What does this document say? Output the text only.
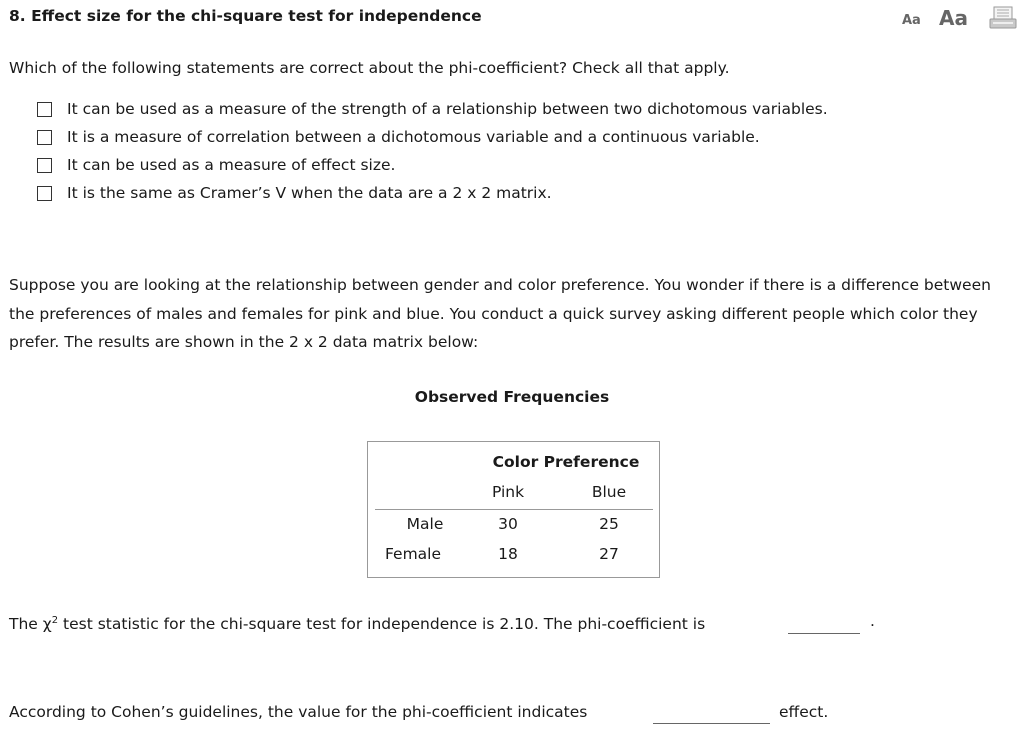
8. Effect size for the chi-square test for independence	Aa Aa
Which of the following statements are correct about the phi-coefficient? Check all that apply.
It can be used as a measure of the strength of a relationship between two dichotomous variables.
It is a measure of correlation between a dichotomous variable and a continuous variable.
It can be used as a measure of effect size.
It is the same as Cramer’s V when the data are a 2 x 2 matrix.
Suppose you are looking at the relationship between gender and color preference. You wonder if there is a difference between the preferences of males and females for pink and blue. You conduct a quick survey asking different people which color they prefer. The results are shown in the 2 x 2 data matrix below:
Observed Frequencies
Color Preference
Pink	Blue
Male	30	25
Female	18	27
The $\chi^2$ test statistic for the chi-square test for independence is 2.10. The phi-coefficient is	.
According to Cohen’s guidelines, the value for the phi-coefficient indicates	effect.
